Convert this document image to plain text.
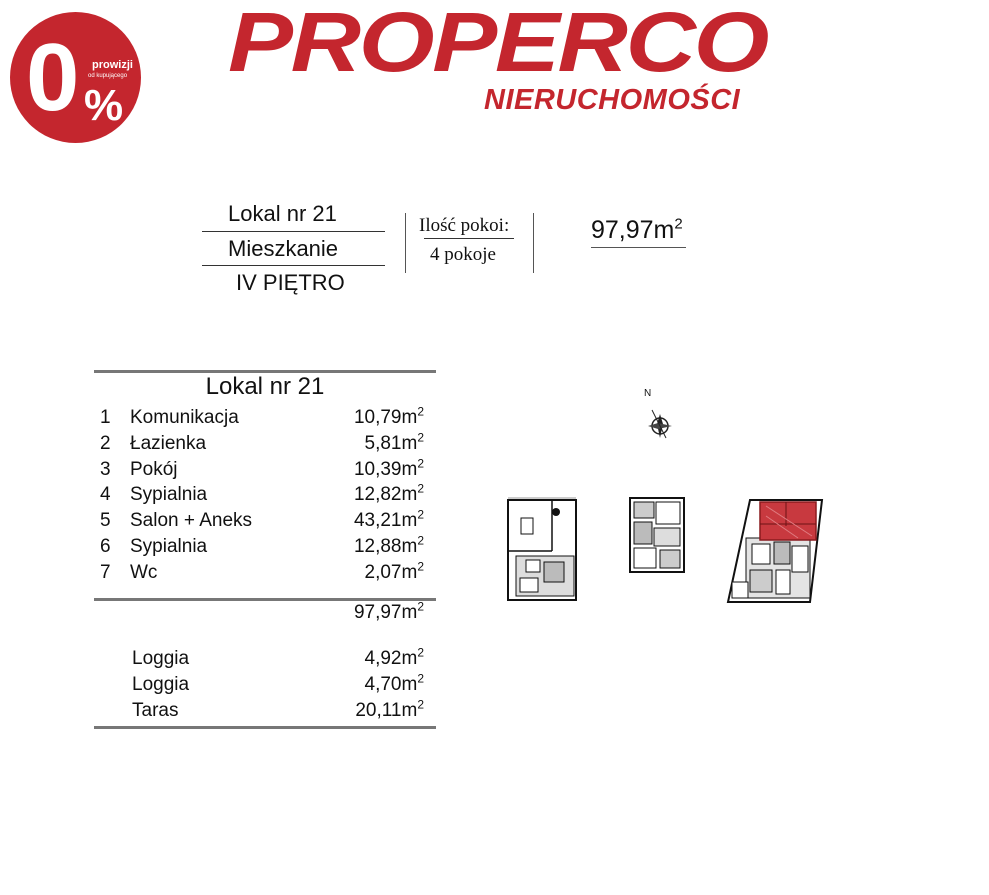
0 prowizji
od kupującego
%
PROPERCO
NIERUCHOMOŚCI
Lokal nr 21
Mieszkanie
IV PIĘTRO
Ilość pokoi:
4 pokoje
$97,97m^2$
Lokal nr 21
1 Komunikacja	$10,79m^2$
2 Łazienka	$5,81m^2$
3 Pokój	$10,39m^2$
4 Sypialnia	$12,82m^2$
5 Salon + Aneks	$43,21m^2$
6 Sypialnia	$12,88m^2$
7 Wc	$2,07m^2$
$97,97m^2$
Loggia	$4,92m^2$
Loggia	$4,70m^2$
Taras	$20,11m^2$
N
